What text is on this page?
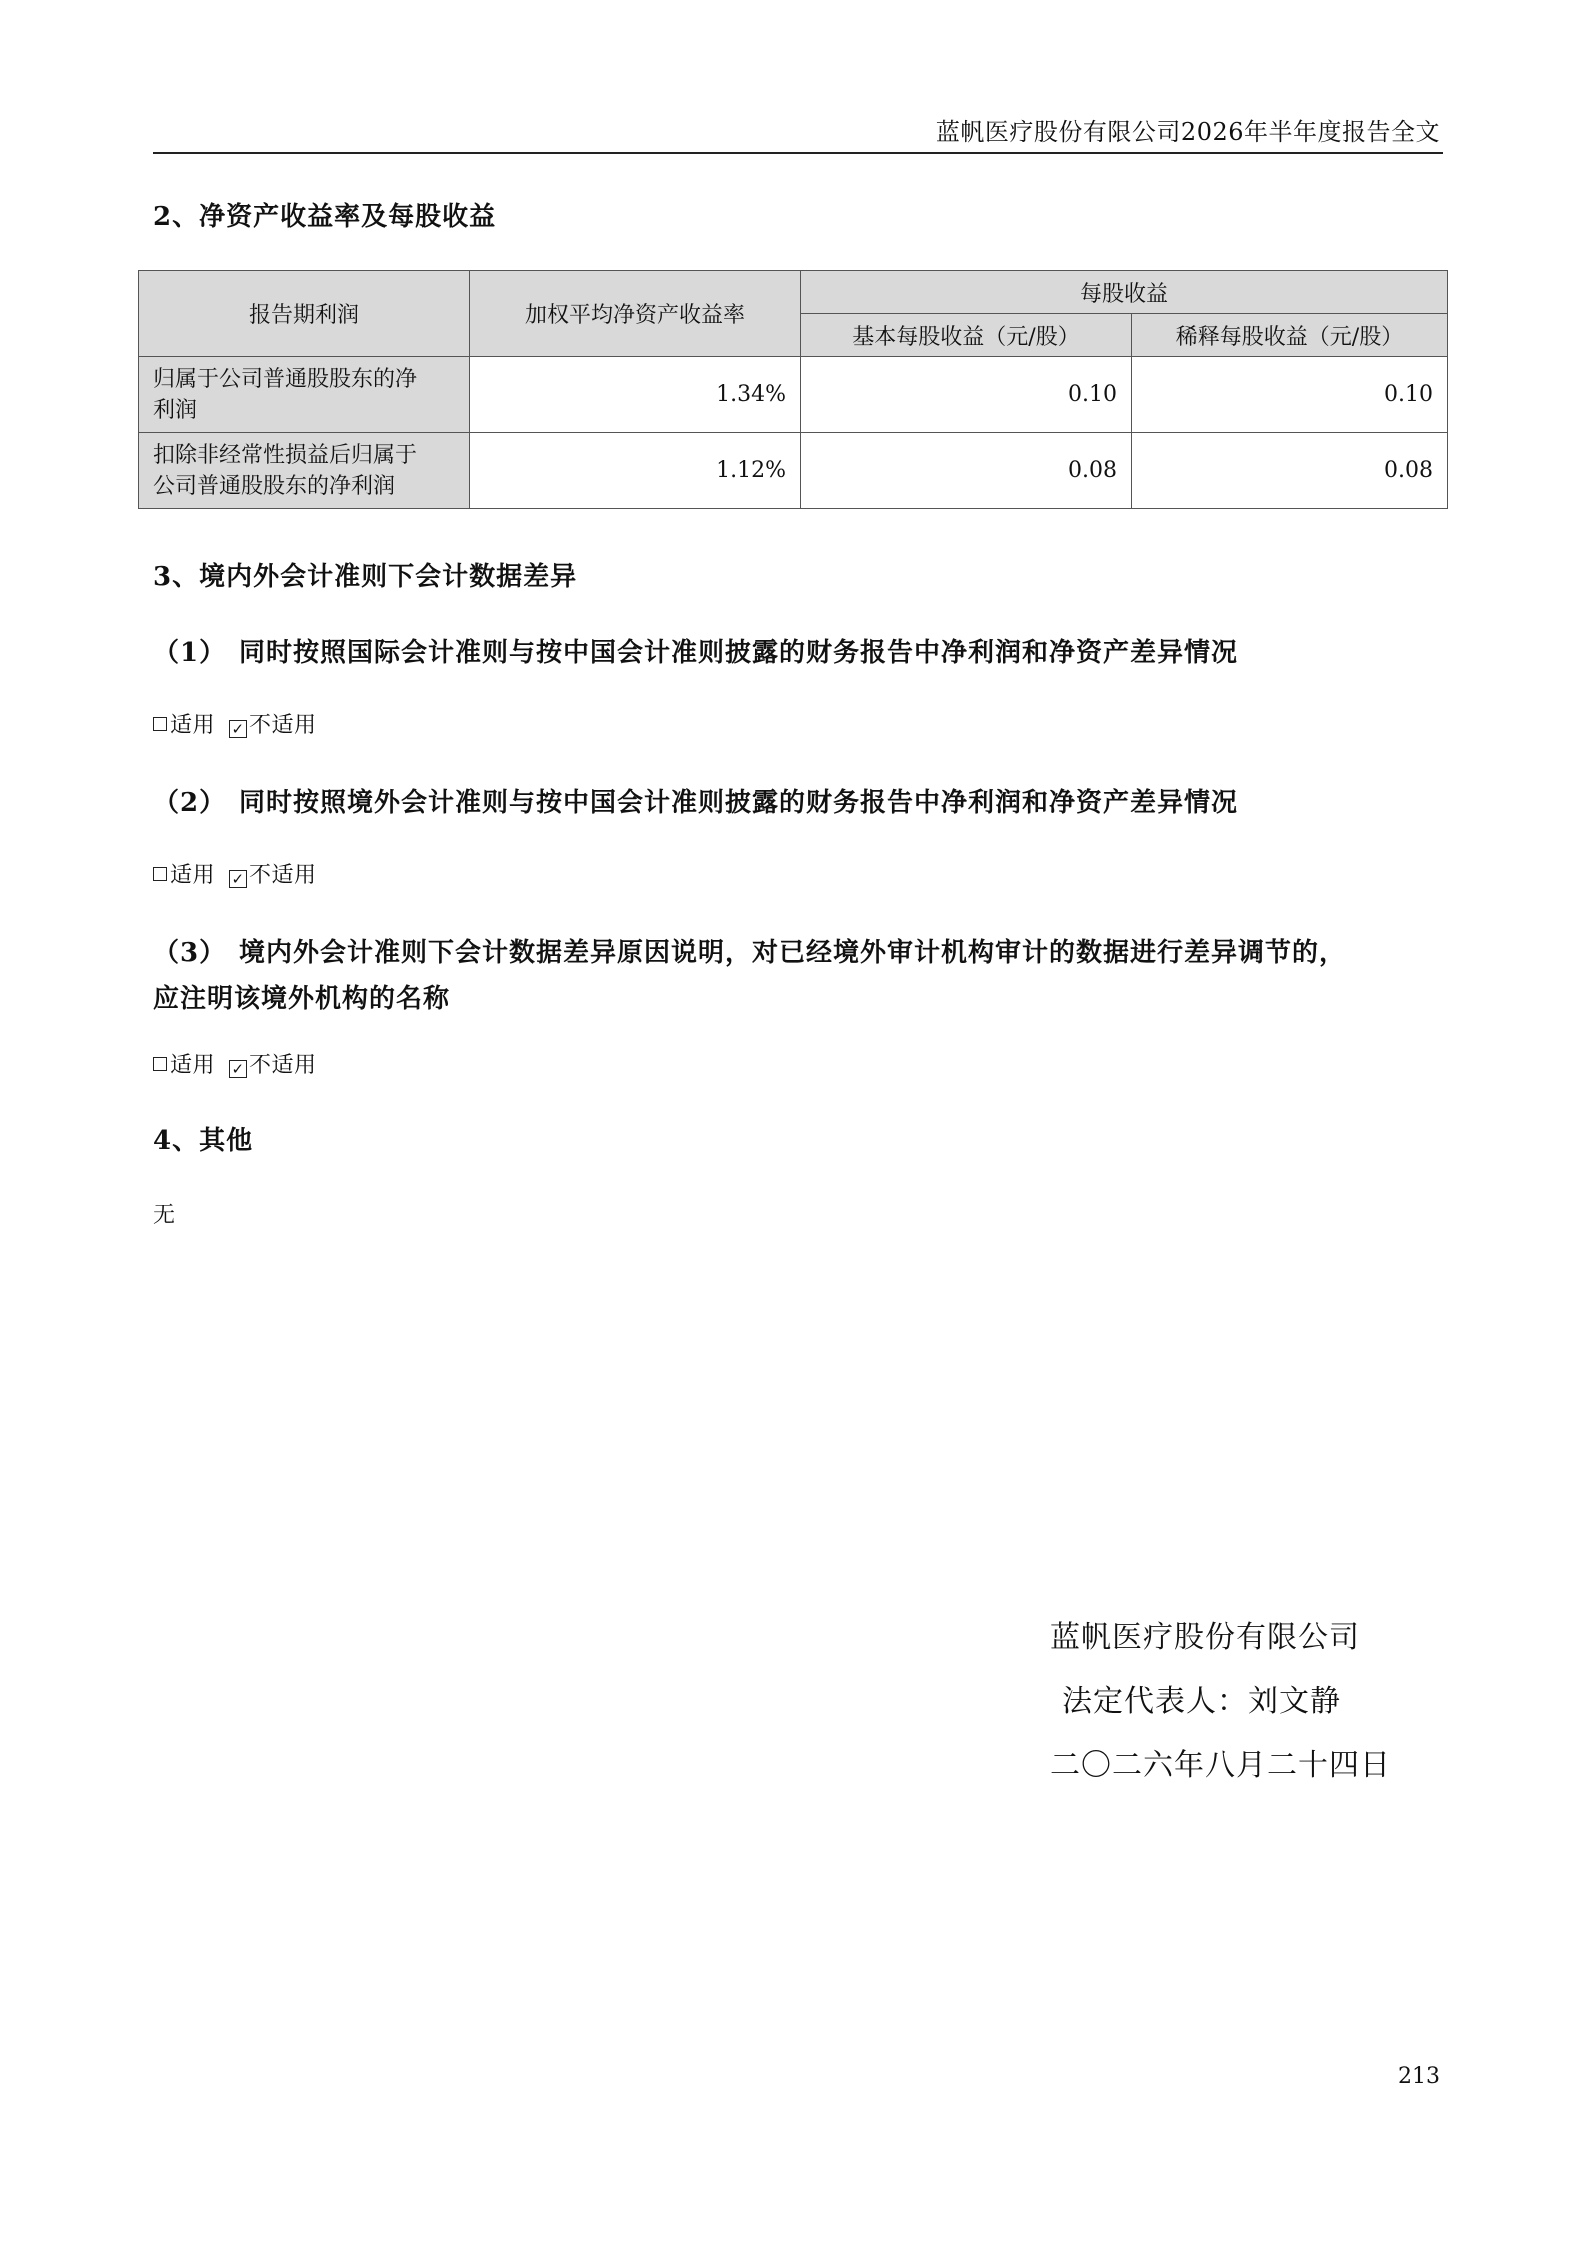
蓝帆医疗股份有限公司2026年半年度报告全文
2、净资产收益率及每股收益
报告期利润	加权平均净资产收益率	每股收益	
		基本每股收益（元/股）	稀释每股收益（元/股）

归属于公司普通股股东的净
利润	1.34%	0.10	0.10

扣除非经常性损益后归属于
公司普通股股东的净利润	1.12%	0.08	0.08
3、境内外会计准则下会计数据差异
（1） 同时按照国际会计准则与按中国会计准则披露的财务报告中净利润和净资产差异情况
适用 ✓ 不适用
（2） 同时按照境外会计准则与按中国会计准则披露的财务报告中净利润和净资产差异情况
适用 ✓ 不适用
（3） 境内外会计准则下会计数据差异原因说明，对已经境外审计机构审计的数据进行差异调节的，
应注明该境外机构的名称
适用 ✓ 不适用
4、其他
无
蓝帆医疗股份有限公司
法定代表人：刘文静
二〇二六年八月二十四日
213
